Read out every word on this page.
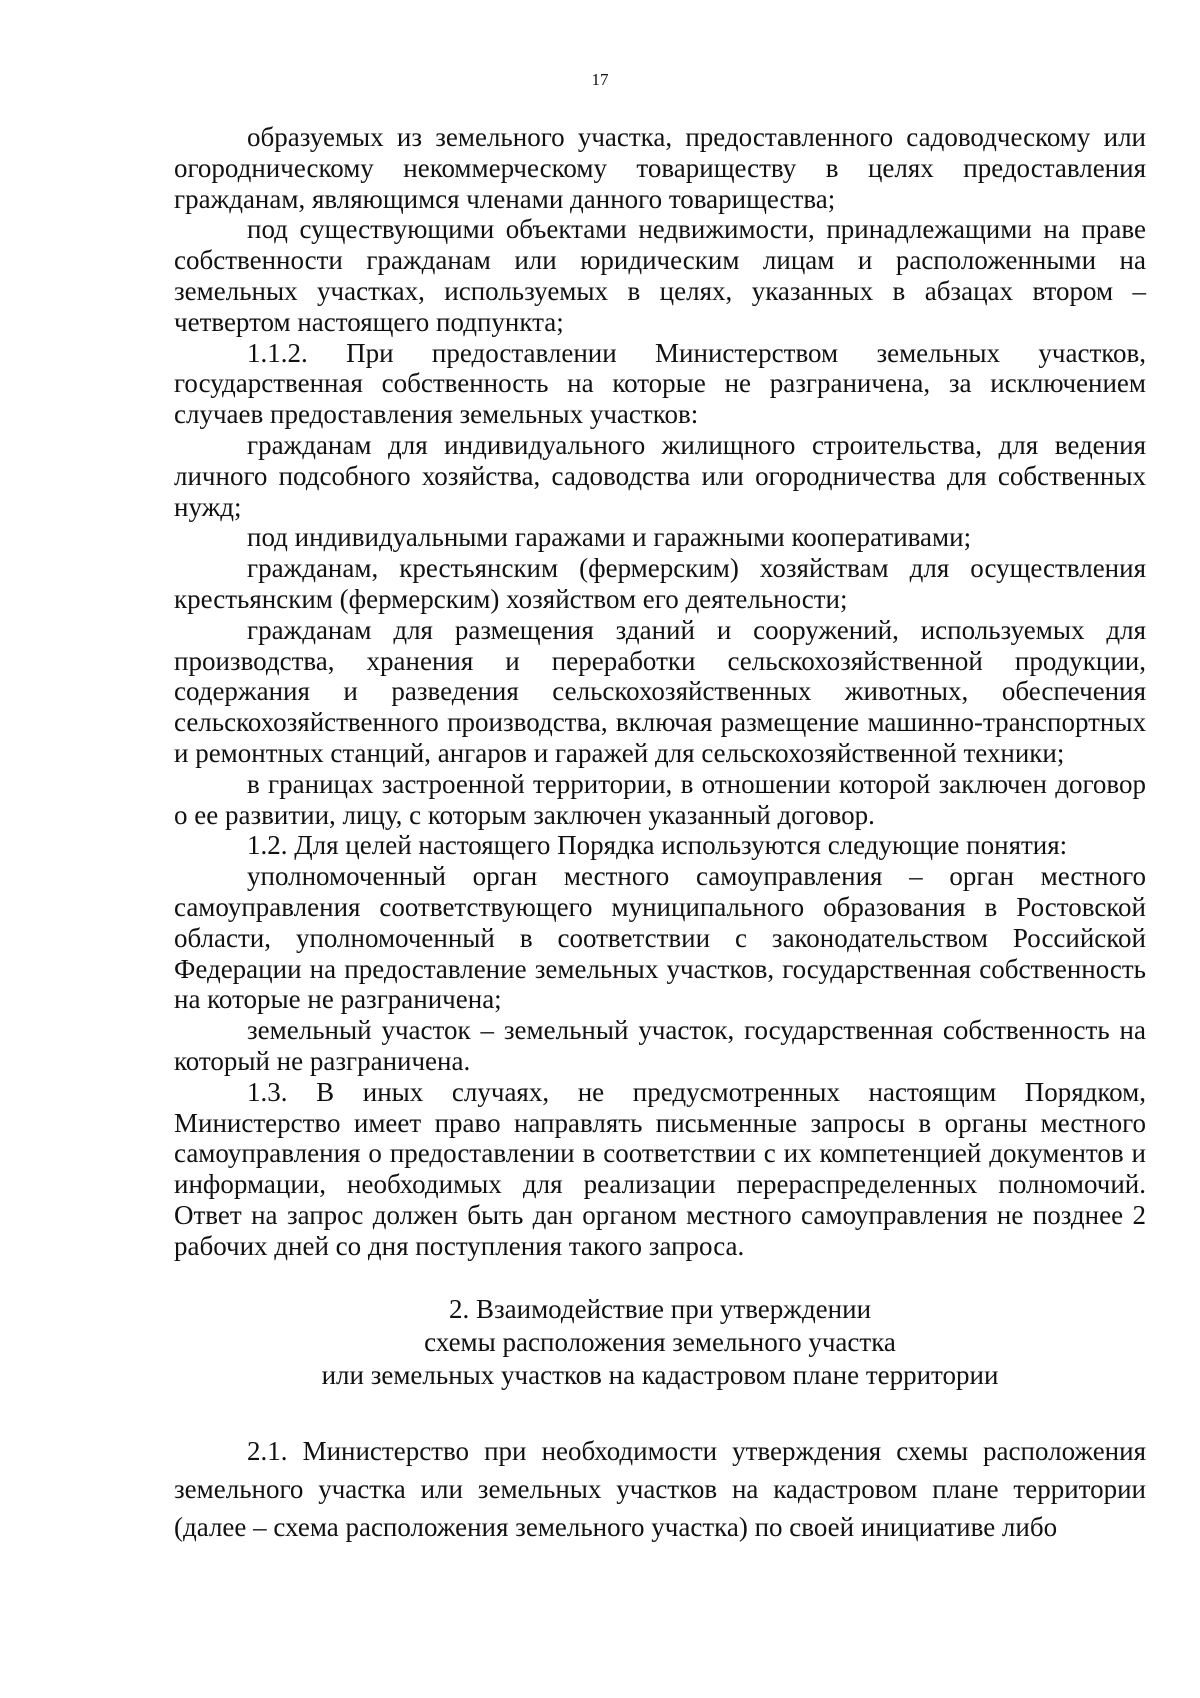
17

образуемых из земельного участка, предоставленного садоводческому или огородническому некоммерческому товариществу в целях предоставления гражданам, являющимся членами данного товарищества;

под существующими объектами недвижимости, принадлежащими на праве собственности гражданам или юридическим лицам и расположенными на земельных участках, используемых в целях, указанных в абзацах втором – четвертом настоящего подпункта;

1.1.2. При предоставлении Министерством земельных участков, государственная собственность на которые не разграничена, за исключением случаев предоставления земельных участков:

гражданам для индивидуального жилищного строительства, для ведения личного подсобного хозяйства, садоводства или огородничества для собственных нужд;

под индивидуальными гаражами и гаражными кооперативами;

гражданам, крестьянским (фермерским) хозяйствам для осуществления крестьянским (фермерским) хозяйством его деятельности;

гражданам для размещения зданий и сооружений, используемых для производства, хранения и переработки сельскохозяйственной продукции, содержания и разведения сельскохозяйственных животных, обеспечения сельскохозяйственного производства, включая размещение машинно-транспортных и ремонтных станций, ангаров и гаражей для сельскохозяйственной техники;

в границах застроенной территории, в отношении которой заключен договор о ее развитии, лицу, с которым заключен указанный договор.

1.2. Для целей настоящего Порядка используются следующие понятия:

уполномоченный орган местного самоуправления – орган местного самоуправления соответствующего муниципального образования в Ростовской области, уполномоченный в соответствии с законодательством Российской Федерации на предоставление земельных участков, государственная собственность на которые не разграничена;

земельный участок – земельный участок, государственная собственность на который не разграничена.

1.3. В иных случаях, не предусмотренных настоящим Порядком, Министерство имеет право направлять письменные запросы в органы местного самоуправления о предоставлении в соответствии с их компетенцией документов и информации, необходимых для реализации перераспределенных полномочий. Ответ на запрос должен быть дан органом местного самоуправления не позднее 2 рабочих дней со дня поступления такого запроса.

2. Взаимодействие при утверждении
схемы расположения земельного участка
или земельных участков на кадастровом плане территории

2.1. Министерство при необходимости утверждения схемы расположения земельного участка или земельных участков на кадастровом плане территории (далее – схема расположения земельного участка) по своей инициативе либо
